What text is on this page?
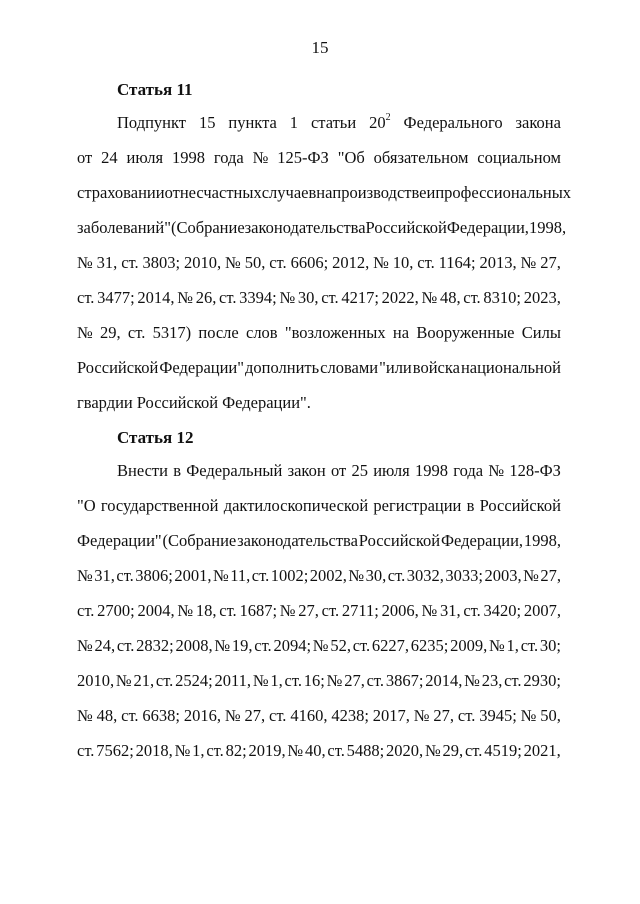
15
Статья 11
Подпункт 15 пункта 1 статьи $20^2$ Федерального закона
от 24 июля 1998 года № 125-ФЗ "Об обязательном социальном
страховании от несчастных случаев на производстве и профессиональных
заболеваний" (Собрание законодательства Российской Федерации, 1998,
№ 31, ст. 3803; 2010, № 50, ст. 6606; 2012, № 10, ст. 1164; 2013, № 27,
ст. 3477; 2014, № 26, ст. 3394; № 30, ст. 4217; 2022, № 48, ст. 8310; 2023,
№ 29, ст. 5317) после слов "возложенных на Вооруженные Силы
Российской Федерации" дополнить словами "или войска национальной
гвардии Российской Федерации".
Статья 12
Внести в Федеральный закон от 25 июля 1998 года № 128-ФЗ
"О государственной дактилоскопической регистрации в Российской
Федерации" (Собрание законодательства Российской Федерации, 1998,
№ 31, ст. 3806; 2001, № 11, ст. 1002; 2002, № 30, ст. 3032, 3033; 2003, № 27,
ст. 2700; 2004, № 18, ст. 1687; № 27, ст. 2711; 2006, № 31, ст. 3420; 2007,
№ 24, ст. 2832; 2008, № 19, ст. 2094; № 52, ст. 6227, 6235; 2009, № 1, ст. 30;
2010, № 21, ст. 2524; 2011, № 1, ст. 16; № 27, ст. 3867; 2014, № 23, ст. 2930;
№ 48, ст. 6638; 2016, № 27, ст. 4160, 4238; 2017, № 27, ст. 3945; № 50,
ст. 7562; 2018, № 1, ст. 82; 2019, № 40, ст. 5488; 2020, № 29, ст. 4519; 2021,
